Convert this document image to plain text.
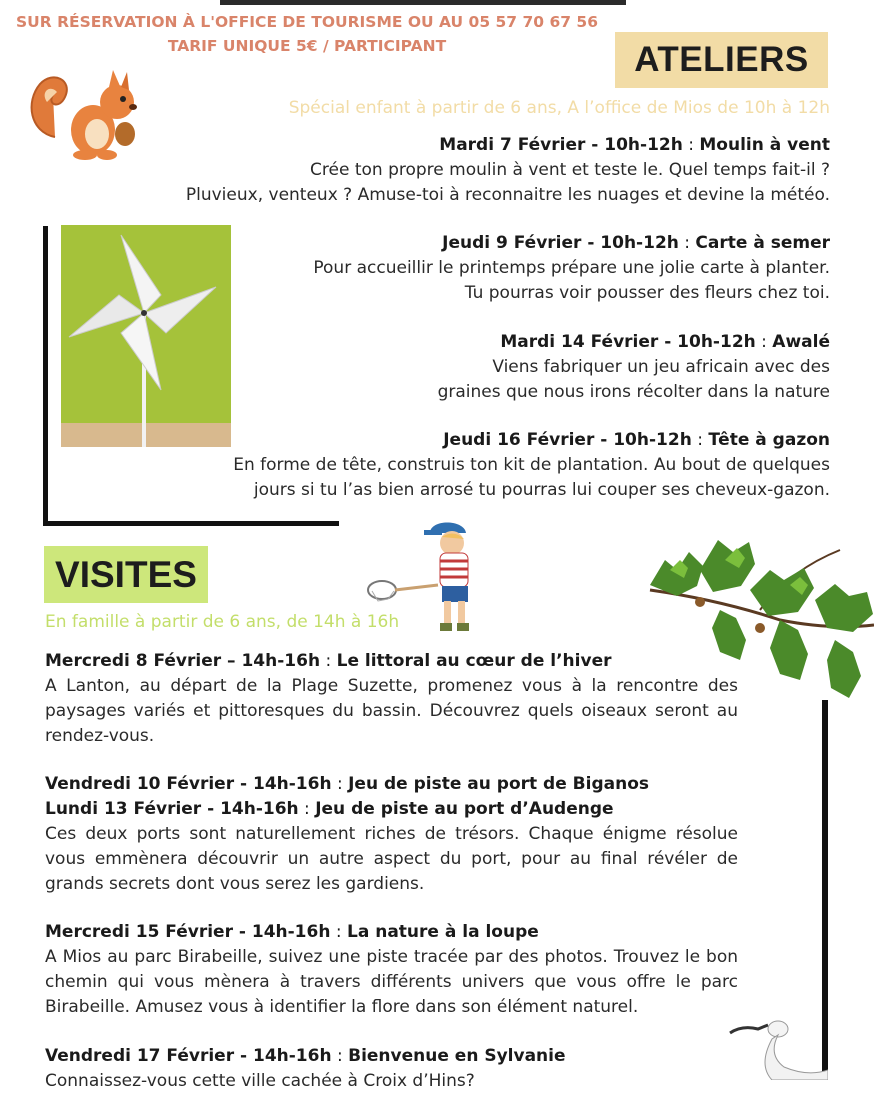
SUR RÉSERVATION À L'OFFICE DE TOURISME OU AU 05 57 70 67 56
TARIF UNIQUE 5€ / PARTICIPANT	ATELIERS
Spécial enfant à partir de 6 ans, A l’office de Mios de 10h à 12h
Mardi 7 Février - 10h-12h : Moulin à vent
Crée ton propre moulin à vent et teste le. Quel temps fait-il ?
Pluvieux, venteux ? Amuse-toi à reconnaitre les nuages et devine la météo.
Jeudi 9 Février - 10h-12h : Carte à semer
Pour accueillir le printemps prépare une jolie carte à planter.
Tu pourras voir pousser des fleurs chez toi.
Mardi 14 Février - 10h-12h : Awalé
Viens fabriquer un jeu africain avec des
graines que nous irons récolter dans la nature
Jeudi 16 Février - 10h-12h : Tête à gazon
En forme de tête, construis ton kit de plantation. Au bout de quelques
jours si tu l’as bien arrosé tu pourras lui couper ses cheveux-gazon.
VISITES
En famille à partir de 6 ans, de 14h à 16h
Mercredi 8 Février – 14h-16h : Le littoral au cœur de l’hiver
A Lanton, au départ de la Plage Suzette, promenez vous à la rencontre des paysages variés et pittoresques du bassin. Découvrez quels oiseaux seront au rendez-vous.
Vendredi 10 Février - 14h-16h : Jeu de piste au port de Biganos
Lundi 13 Février - 14h-16h : Jeu de piste au port d’Audenge
Ces deux ports sont naturellement riches de trésors. Chaque énigme résolue vous emmènera découvrir un autre aspect du port, pour au final révéler de grands secrets dont vous serez les gardiens.
Mercredi 15 Février - 14h-16h : La nature à la loupe
A Mios au parc Birabeille, suivez une piste tracée par des photos. Trouvez le bon chemin qui vous mènera à travers différents univers que vous offre le parc Birabeille. Amusez vous à identifier la flore dans son élément naturel.
Vendredi 17 Février - 14h-16h : Bienvenue en Sylvanie
Connaissez-vous cette ville cachée à Croix d’Hins?
